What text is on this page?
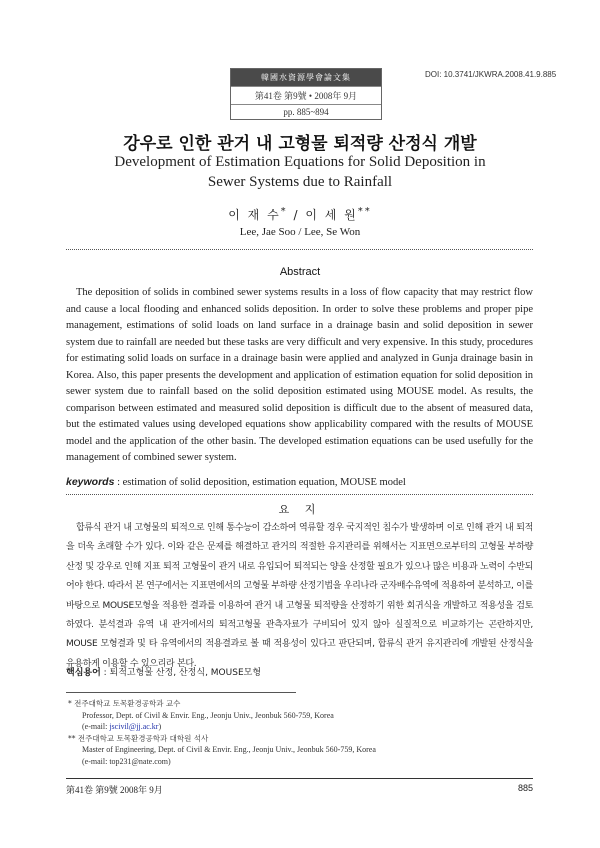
韓國水資源學會論文集
第41卷 第9號 • 2008年 9月
pp. 885~894
DOI: 10.3741/JKWRA.2008.41.9.885
강우로 인한 관거 내 고형물 퇴적량 산정식 개발
Development of Estimation Equations for Solid Deposition in
Sewer Systems due to Rainfall
이 재 수* / 이 세 원**
Lee, Jae Soo / Lee, Se Won
Abstract

The deposition of solids in combined sewer systems results in a loss of flow capacity that may restrict flow and cause a local flooding and enhanced solids deposition. In order to solve these problems and proper pipe management, estimations of solid loads on land surface in a drainage basin and solid deposition in sewer system due to rainfall are needed but these tasks are very difficult and very expensive. In this study, procedures for estimating solid loads on surface in a drainage basin were applied and analyzed in Gunja drainage basin in Korea. Also, this paper presents the development and application of estimation equation for solid deposition in sewer system due to rainfall based on the solid deposition estimated using MOUSE model. As results, the comparison between estimated and measured solid deposition is difficult due to the absent of measured data, but the estimated values using developed equations show applicability compared with the results of MOUSE model and the application of the other basin. The developed estimation equations can be used usefully for the management of combined sewer system.

keywords : estimation of solid deposition, estimation equation, MOUSE model
요 지

합류식 관거 내 고형물의 퇴적으로 인해 통수능이 감소하여 역류할 경우 국지적인 침수가 발생하며 이로 인해 관거 내 퇴적을 더욱 초래할 수가 있다. 이와 같은 문제를 해결하고 관거의 적절한 유지관리를 위해서는 지표면으로부터의 고형물 부하량 산정 및 강우로 인해 지표 퇴적 고형물이 관거 내로 유입되어 퇴적되는 양을 산정할 필요가 있으나 많은 비용과 노력이 수반되어야 한다. 따라서 본 연구에서는 지표면에서의 고형물 부하량 산정기법을 우리나라 군자배수유역에 적용하여 분석하고, 이를 바탕으로 MOUSE모형을 적용한 결과를 이용하여 관거 내 고형물 퇴적량을 산정하기 위한 회귀식을 개발하고 적용성을 검토하였다. 분석결과 유역 내 관거에서의 퇴적고형물 관측자료가 구비되어 있지 않아 실질적으로 비교하기는 곤란하지만, MOUSE 모형결과 및 타 유역에서의 적용결과로 볼 때 적용성이 있다고 판단되며, 합류식 관거 유지관리에 개발된 산정식을 유용하게 이용할 수 있으리라 본다.

핵심용어 : 퇴적고형물 산정, 산정식, MOUSE모형
* 전주대학교 토목환경공학과 교수
Professor, Dept. of Civil & Envir. Eng., Jeonju Univ., Jeonbuk 560-759, Korea
(e-mail: jscivil@jj.ac.kr)
** 전주대학교 토목환경공학과 대학원 석사
Master of Engineering, Dept. of Civil & Envir. Eng., Jeonju Univ., Jeonbuk 560-759, Korea
(e-mail: top231@nate.com)
第41卷 第9號 2008年 9月	885
